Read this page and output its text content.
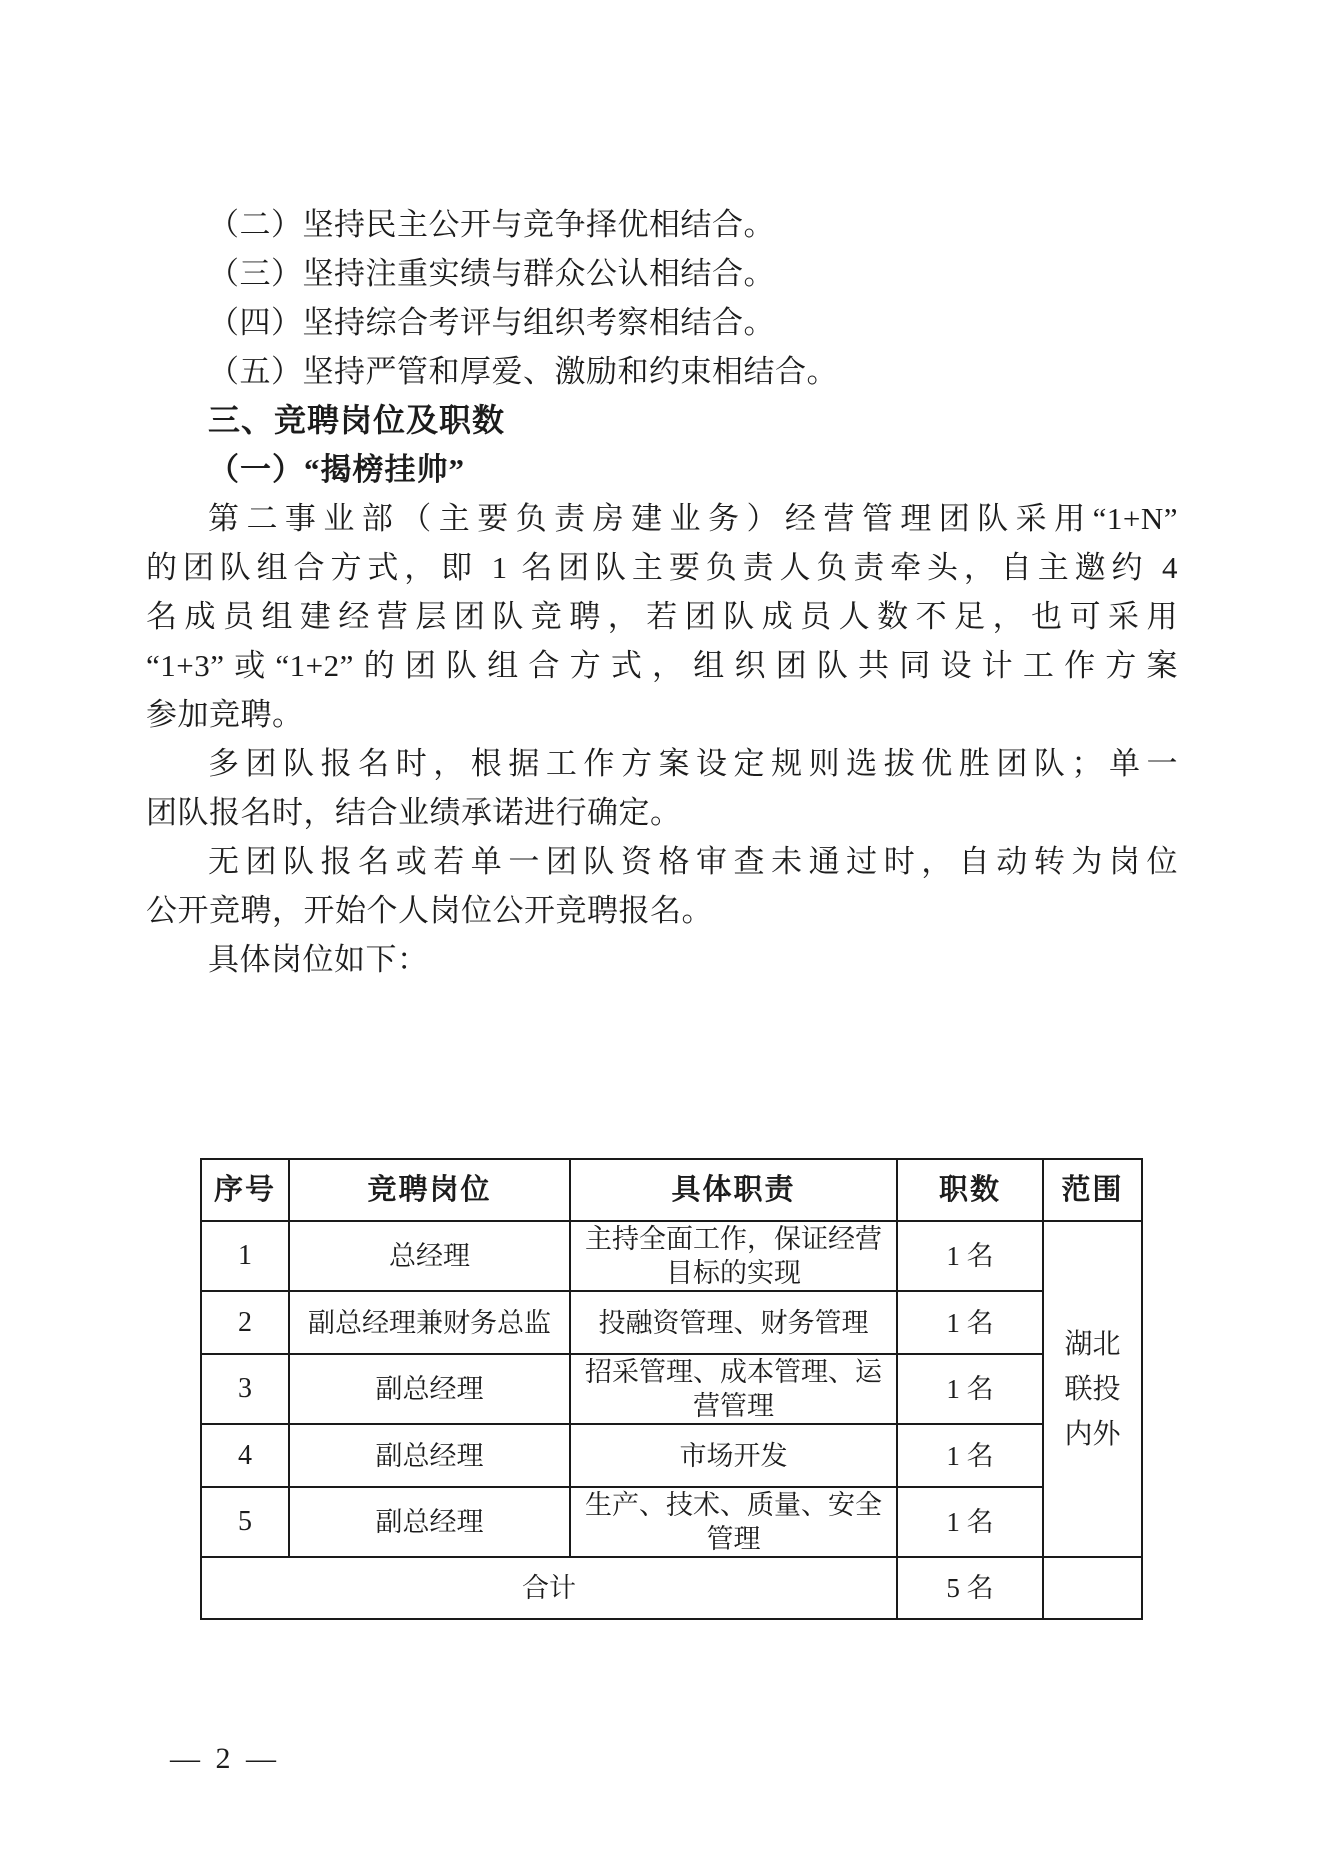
（二）坚持民主公开与竞争择优相结合。
（三）坚持注重实绩与群众公认相结合。
（四）坚持综合考评与组织考察相结合。
（五）坚持严管和厚爱、激励和约束相结合。
三、竞聘岗位及职数
（一）“揭榜挂帅”
第二事业部（主要负责房建业务）经营管理团队采用“1+N”
的团队组合方式，即 1 名团队主要负责人负责牵头，自主邀约 4
名成员组建经营层团队竞聘，若团队成员人数不足，也可采用
“1+3”或“1+2”的团队组合方式，组织团队共同设计工作方案
参加竞聘。
多团队报名时，根据工作方案设定规则选拔优胜团队；单一
团队报名时，结合业绩承诺进行确定。
无团队报名或若单一团队资格审查未通过时，自动转为岗位
公开竞聘，开始个人岗位公开竞聘报名。
具体岗位如下：
序号	竞聘岗位	具体职责	职数	范围
1	总经理	主持全面工作，保证经营目标的实现	1 名	湖北联投内外
2	副总经理兼财务总监	投融资管理、财务管理	1 名	
3	副总经理	招采管理、成本管理、运营管理	1 名	
4	副总经理	市场开发	1 名	
5	副总经理	生产、技术、质量、安全管理	1 名	
合计			5 名	
— 2 —
